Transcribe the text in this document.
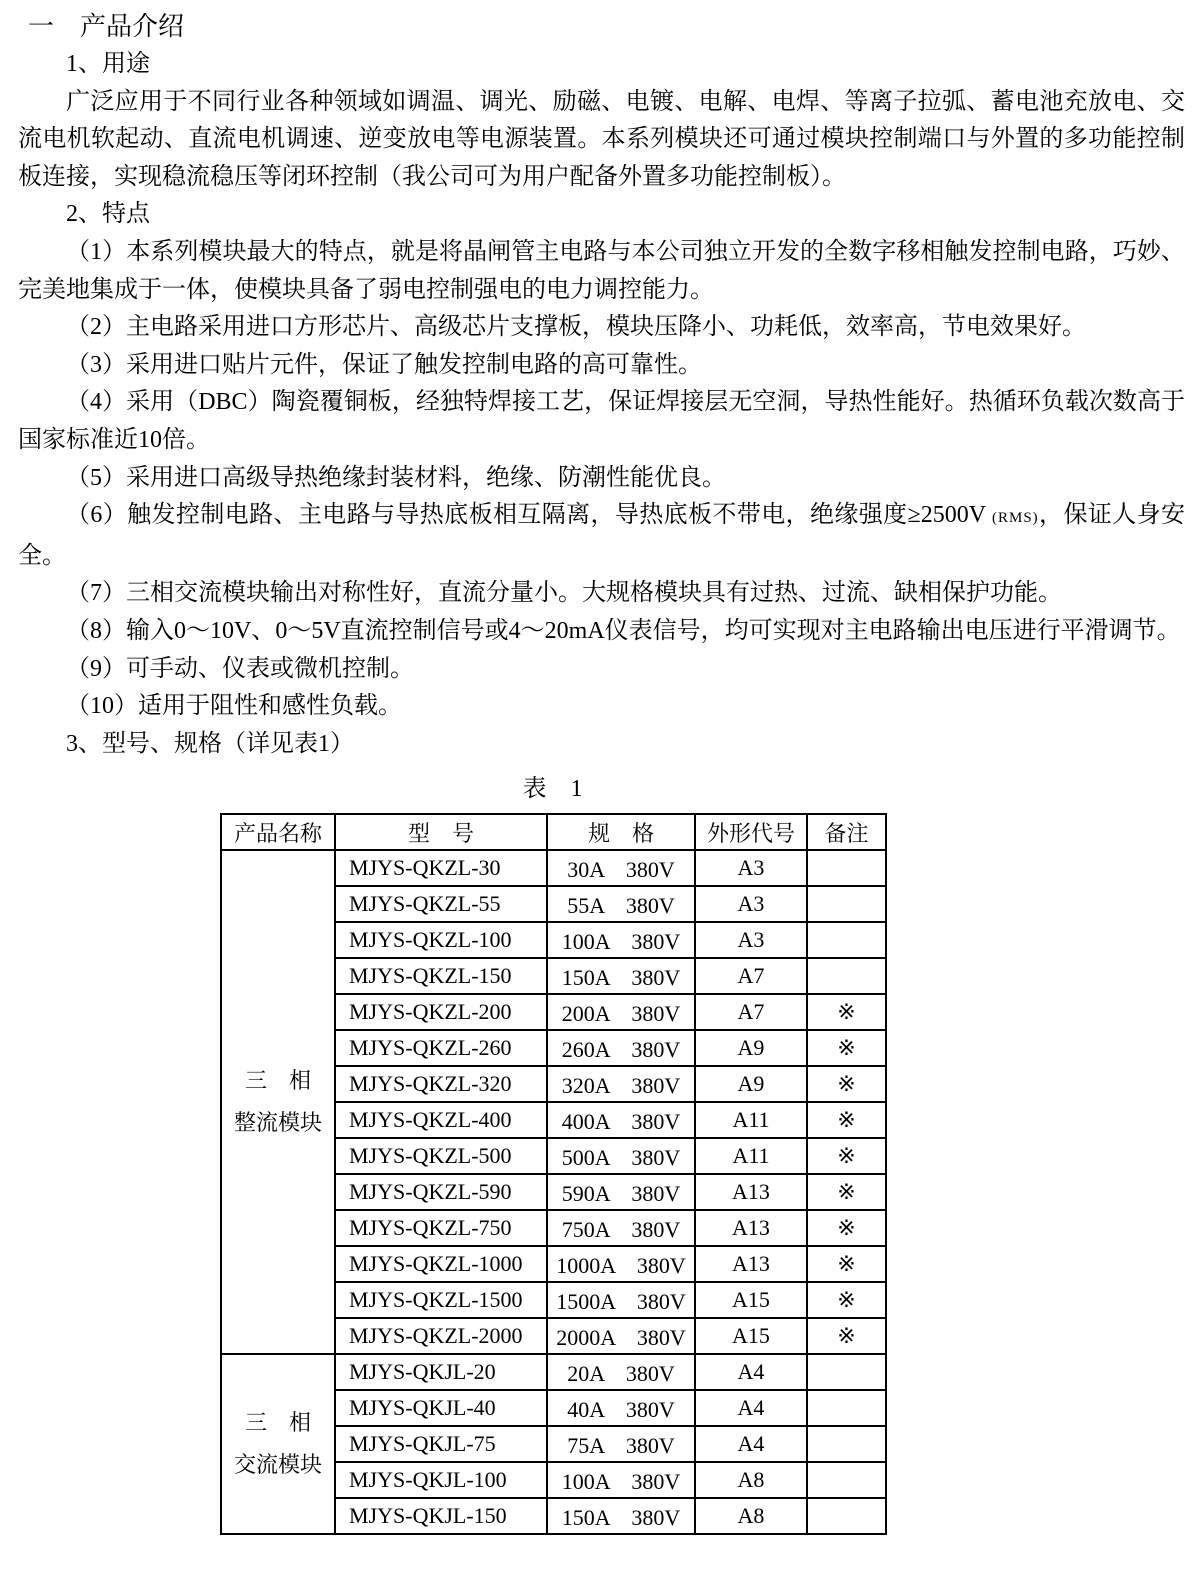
一　产品介绍

1、用途

广泛应用于不同行业各种领域如调温、调光、励磁、电镀、电解、电焊、等离子拉弧、蓄电池充放电、交流电机软起动、直流电机调速、逆变放电等电源装置。本系列模块还可通过模块控制端口与外置的多功能控制板连接，实现稳流稳压等闭环控制（我公司可为用户配备外置多功能控制板）。

2、特点

（1）本系列模块最大的特点，就是将晶闸管主电路与本公司独立开发的全数字移相触发控制电路，巧妙、完美地集成于一体，使模块具备了弱电控制强电的电力调控能力。

（2）主电路采用进口方形芯片、高级芯片支撑板，模块压降小、功耗低，效率高，节电效果好。

（3）采用进口贴片元件，保证了触发控制电路的高可靠性。

（4）采用（DBC）陶瓷覆铜板，经独特焊接工艺，保证焊接层无空洞，导热性能好。热循环负载次数高于国家标准近10倍。

（5）采用进口高级导热绝缘封装材料，绝缘、防潮性能优良。

（6）触发控制电路、主电路与导热底板相互隔离，导热底板不带电，绝缘强度≥2500V (RMS)，保证人身安全。

（7）三相交流模块输出对称性好，直流分量小。大规格模块具有过热、过流、缺相保护功能。

（8）输入0～10V、0～5V直流控制信号或4～20mA仪表信号，均可实现对主电路输出电压进行平滑调节。

（9）可手动、仪表或微机控制。

（10）适用于阻性和感性负载。

3、型号、规格（详见表1）

表　1
产品名称	型　号	规　格	外形代号	备注

三　相
整流模块	MJYS-QKZL-30	30A　380V	A3	
	MJYS-QKZL-55	55A　380V	A3	
	MJYS-QKZL-100	100A　380V	A3	
	MJYS-QKZL-150	150A　380V	A7	
	MJYS-QKZL-200	200A　380V	A7	※
	MJYS-QKZL-260	260A　380V	A9	※
	MJYS-QKZL-320	320A　380V	A9	※
	MJYS-QKZL-400	400A　380V	A11	※
	MJYS-QKZL-500	500A　380V	A11	※
	MJYS-QKZL-590	590A　380V	A13	※
	MJYS-QKZL-750	750A　380V	A13	※
	MJYS-QKZL-1000	1000A　380V	A13	※
	MJYS-QKZL-1500	1500A　380V	A15	※
	MJYS-QKZL-2000	2000A　380V	A15	※

三　相
交流模块	MJYS-QKJL-20	20A　380V	A4	
	MJYS-QKJL-40	40A　380V	A4	
	MJYS-QKJL-75	75A　380V	A4	
	MJYS-QKJL-100	100A　380V	A8	
	MJYS-QKJL-150	150A　380V	A8	
